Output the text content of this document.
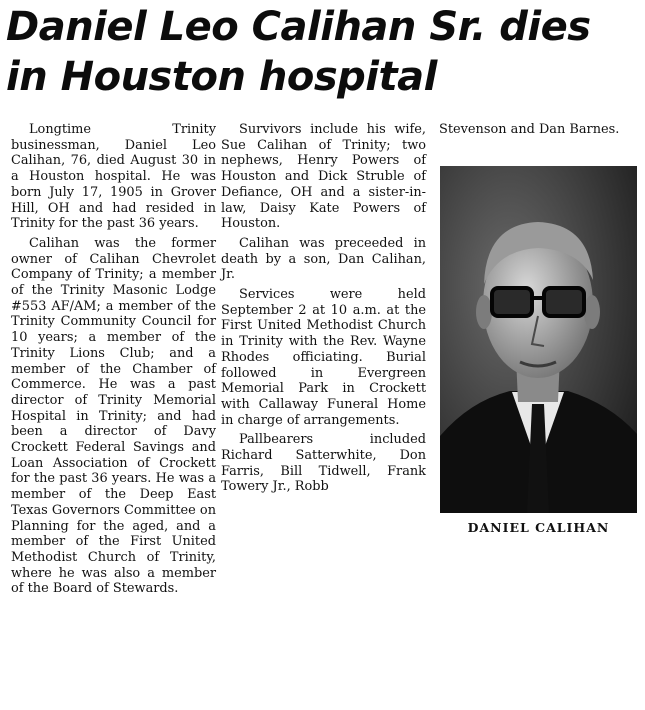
Daniel Leo Calihan Sr. dies in Houston hospital

Longtime Trinity businessman, Daniel Leo Calihan, 76, died August 30 in a Houston hospital. He was born July 17, 1905 in Grover Hill, OH and had resided in Trinity for the past 36 years.

Calihan was the former owner of Calihan Chevrolet Company of Trinity; a member of the Trinity Masonic Lodge #553 AF/AM; a member of the Trinity Community Council for 10 years; a member of the Trinity Lions Club; and a member of the Chamber of Commerce. He was a past director of Trinity Memorial Hospital in Trinity; and had been a director of Davy Crockett Federal Savings and Loan Association of Crockett for the past 36 years. He was a member of the Deep East Texas Governors Committee on Planning for the aged, and a member of the First United Methodist Church of Trinity, where he was also a member of the Board of Stewards.

Survivors include his wife, Sue Calihan of Trinity; two nephews, Henry Powers of Houston and Dick Struble of Defiance, OH and a sister-in-law, Daisy Kate Powers of Houston.

Calihan was preceeded in death by a son, Dan Calihan, Jr.

Services were held September 2 at 10 a.m. at the First United Methodist Church in Trinity with the Rev. Wayne Rhodes officiating. Burial followed in Evergreen Memorial Park in Crockett with Callaway Funeral Home in charge of arrangements.

Pallbearers included Richard Satterwhite, Don Farris, Bill Tidwell, Frank Towery Jr., Robb

Stevenson and Dan Barnes.

DANIEL CALIHAN
